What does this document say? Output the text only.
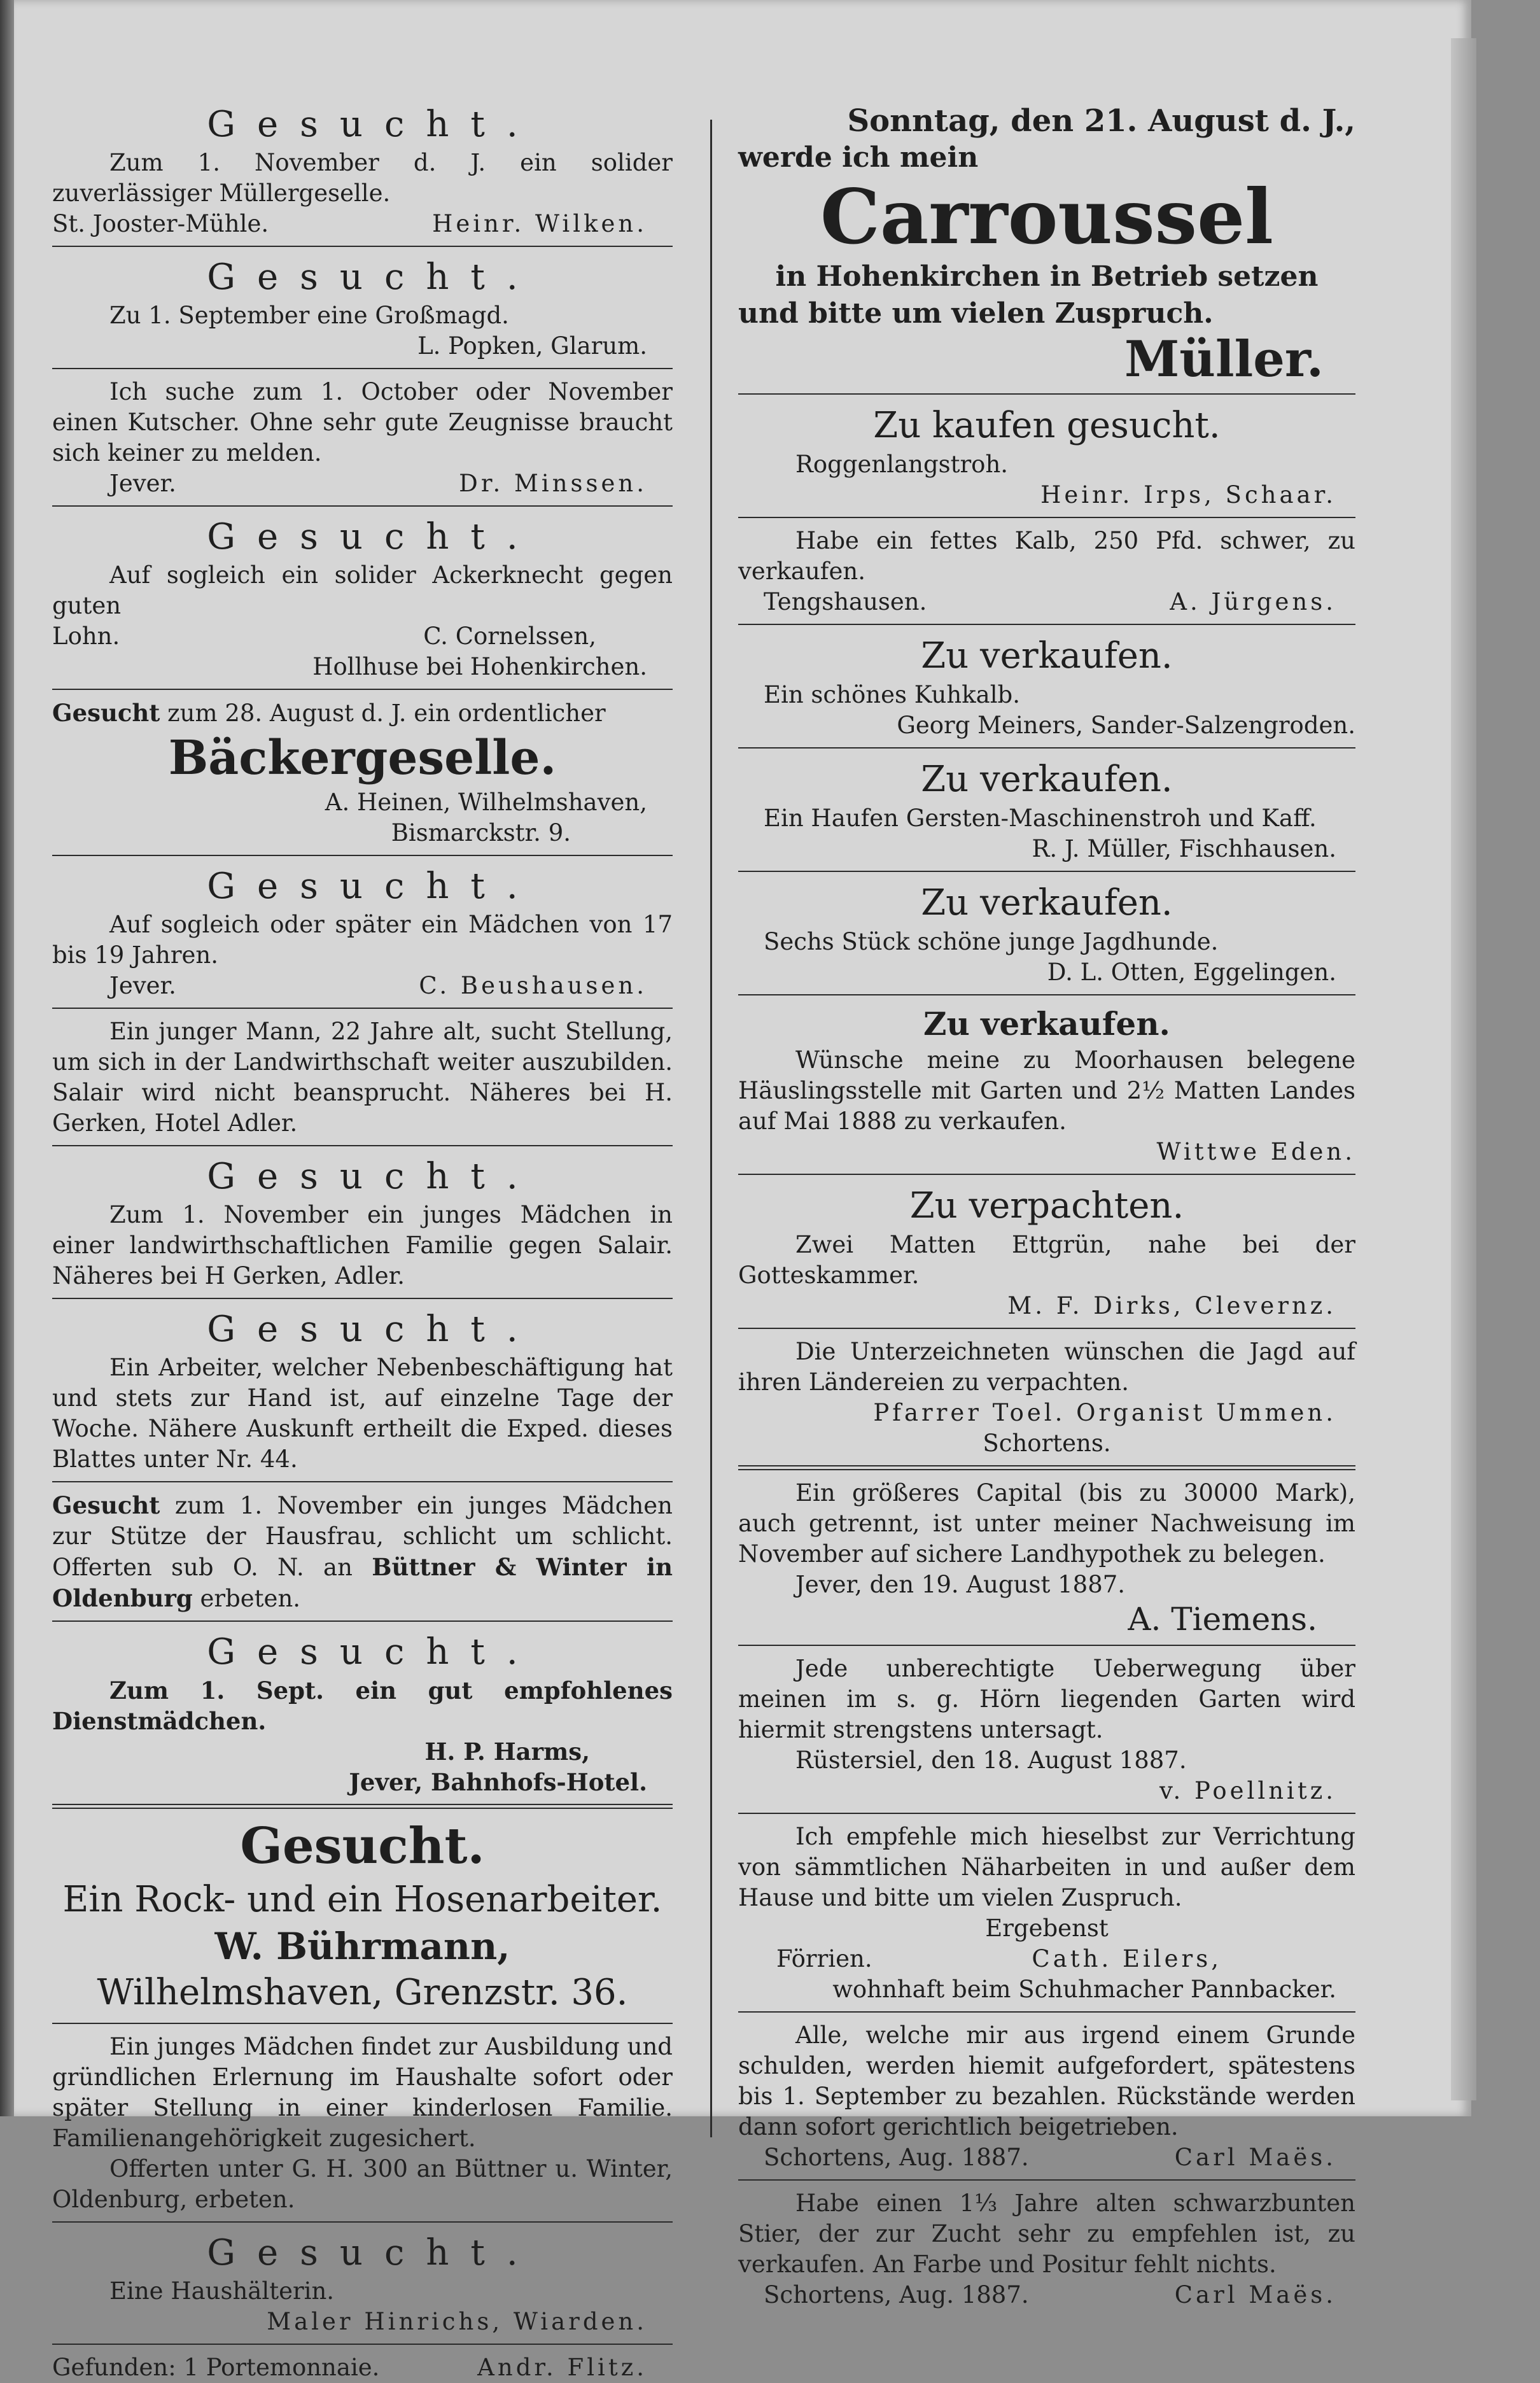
Gesucht.
Zum 1. November d. J. ein solider zuverlässiger Müllergeselle.
St. Jooster-Mühle.	Heinr. Wilken.
Gesucht.
Zu 1. September eine Großmagd.
L. Popken, Glarum.
Ich suche zum 1. October oder November einen Kutscher. Ohne sehr gute Zeugnisse braucht sich keiner zu melden.
Jever.	Dr. Minssen.
Gesucht.
Auf sogleich ein solider Ackerknecht gegen guten
Lohn.	C. Cornelssen,
Hollhuse bei Hohenkirchen.
Gesucht zum 28. August d. J. ein ordentlicher
Bäckergeselle.
A. Heinen, Wilhelmshaven,
Bismarckstr. 9.
Gesucht.
Auf sogleich oder später ein Mädchen von 17 bis 19 Jahren.
Jever.	C. Beushausen.
Ein junger Mann, 22 Jahre alt, sucht Stellung, um sich in der Landwirthschaft weiter auszubilden. Salair wird nicht beansprucht. Näheres bei H. Gerken, Hotel Adler.
Gesucht.
Zum 1. November ein junges Mädchen in einer landwirthschaftlichen Familie gegen Salair. Näheres bei H Gerken, Adler.
Gesucht.
Ein Arbeiter, welcher Nebenbeschäftigung hat und stets zur Hand ist, auf einzelne Tage der Woche. Nähere Auskunft ertheilt die Exped. dieses Blattes unter Nr. 44.
Gesucht zum 1. November ein junges Mädchen zur Stütze der Hausfrau, schlicht um schlicht. Offerten sub O. N. an Büttner & Winter in Oldenburg erbeten.
Gesucht.
Zum 1. Sept. ein gut empfohlenes Dienstmädchen.
H. P. Harms,
Jever, Bahnhofs-Hotel.
Gesucht.
Ein Rock- und ein Hosenarbeiter.
W. Bührmann,
Wilhelmshaven, Grenzstr. 36.
Ein junges Mädchen findet zur Ausbildung und gründlichen Erlernung im Haushalte sofort oder später Stellung in einer kinderlosen Familie. Familienangehörigkeit zugesichert.
Offerten unter G. H. 300 an Büttner u. Winter, Oldenburg, erbeten.
Gesucht.
Eine Haushälterin.
Maler Hinrichs, Wiarden.
Gefunden: 1 Portemonnaie.	Andr. Flitz.
Sonntag, den 21. August d. J.,
werde ich mein
Carroussel
in Hohenkirchen in Betrieb setzen
und bitte um vielen Zuspruch.
Müller.
Zu kaufen gesucht.
Roggenlangstroh.
Heinr. Irps, Schaar.
Habe ein fettes Kalb, 250 Pfd. schwer, zu verkaufen.
Tengshausen.	A. Jürgens.
Zu verkaufen.
Ein schönes Kuhkalb.
Georg Meiners, Sander-Salzengroden.
Zu verkaufen.
Ein Haufen Gersten-Maschinenstroh und Kaff.
R. J. Müller, Fischhausen.
Zu verkaufen.
Sechs Stück schöne junge Jagdhunde.
D. L. Otten, Eggelingen.
Zu verkaufen.
Wünsche meine zu Moorhausen belegene Häuslingsstelle mit Garten und 2½ Matten Landes auf Mai 1888 zu verkaufen.
Wittwe Eden.
Zu verpachten.
Zwei Matten Ettgrün, nahe bei der Gotteskammer.
M. F. Dirks, Clevernz.
Die Unterzeichneten wünschen die Jagd auf ihren Ländereien zu verpachten.
Pfarrer Toel. Organist Ummen.
Schortens.
Ein größeres Capital (bis zu 30000 Mark), auch getrennt, ist unter meiner Nachweisung im November auf sichere Landhypothek zu belegen.
Jever, den 19. August 1887.
A. Tiemens.
Jede unberechtigte Ueberwegung über meinen im s. g. Hörn liegenden Garten wird hiermit strengstens untersagt.
Rüstersiel, den 18. August 1887.
v. Poellnitz.
Ich empfehle mich hieselbst zur Verrichtung von sämmtlichen Näharbeiten in und außer dem Hause und bitte um vielen Zuspruch.
Ergebenst
Förrien.	Cath. Eilers,
wohnhaft beim Schuhmacher Pannbacker.
Alle, welche mir aus irgend einem Grunde schulden, werden hiemit aufgefordert, spätestens bis 1. September zu bezahlen. Rückstände werden dann sofort gerichtlich beigetrieben.
Schortens, Aug. 1887.	Carl Maës.
Habe einen 1⅓ Jahre alten schwarzbunten Stier, der zur Zucht sehr zu empfehlen ist, zu verkaufen. An Farbe und Positur fehlt nichts.
Schortens, Aug. 1887.	Carl Maës.
